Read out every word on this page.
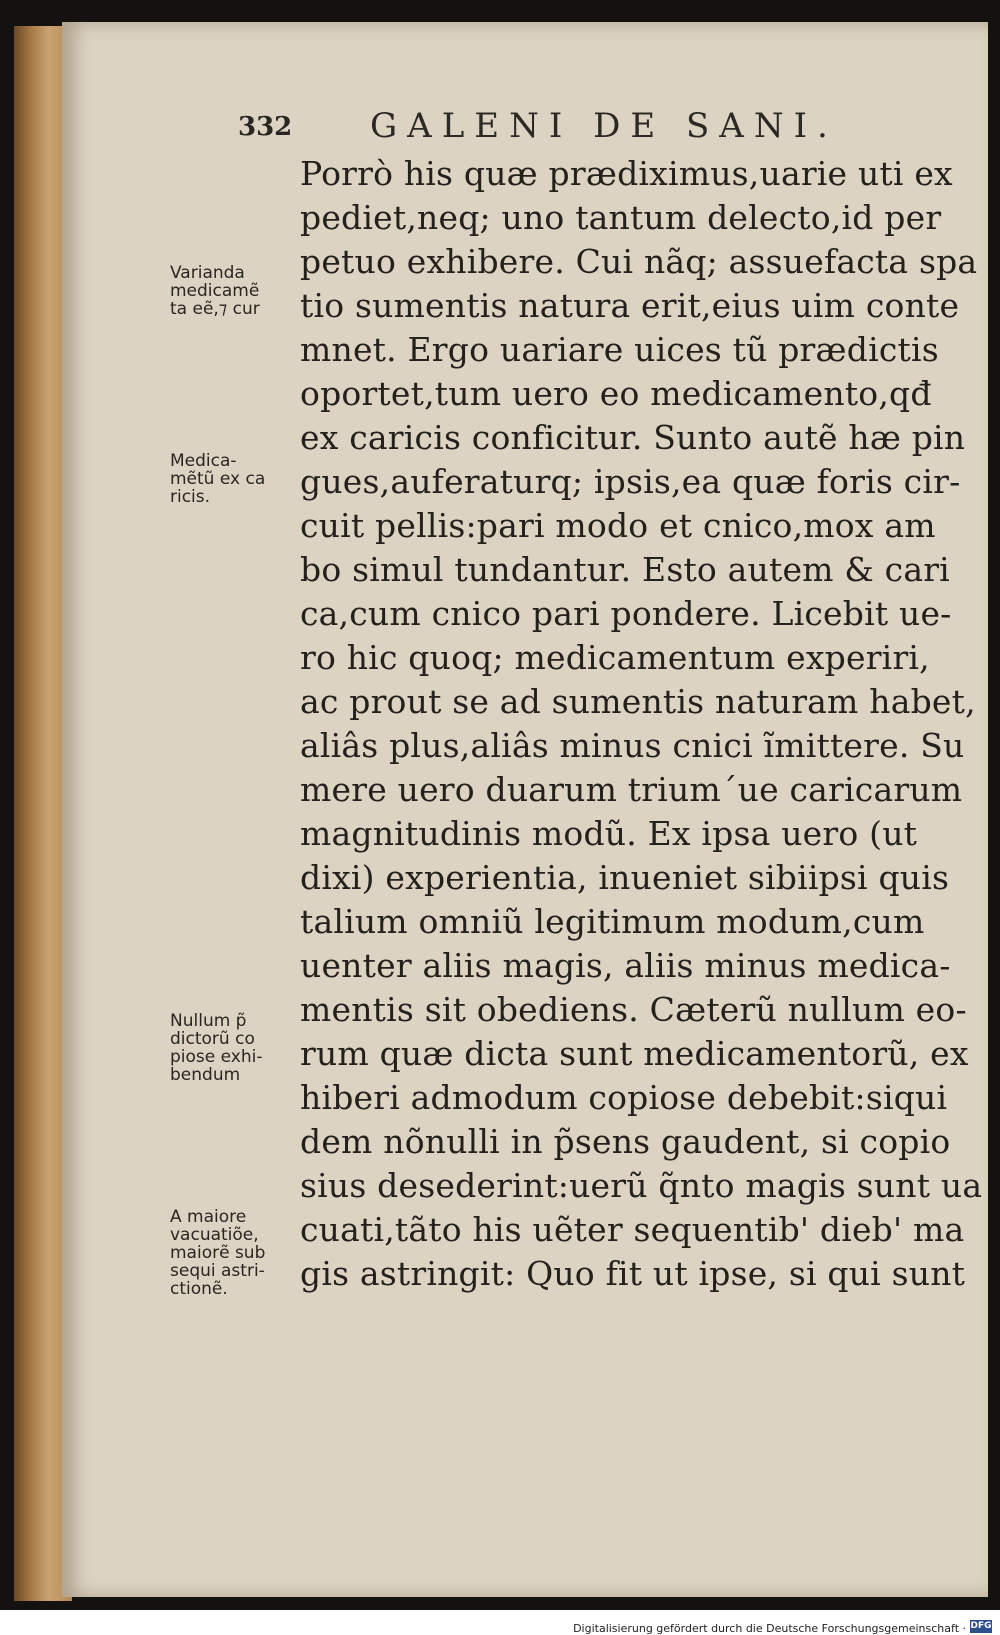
332 GALENI DE SANI.
Porrò his quæ prædiximus,uarie uti ex
pediet,neq; uno tantum delecto,id per
petuo exhibere. Cui nãq; assuefacta spa
tio sumentis natura erit,eius uim conte
mnet. Ergo uariare uices tũ prædictis
oportet,tum uero eo medicamento,qđ
ex caricis conficitur. Sunto autẽ hæ pin
gues,auferaturq; ipsis,ea quæ foris cir-
cuit pellis:pari modo et cnico,mox am
bo simul tundantur. Esto autem & cari
ca,cum cnico pari pondere. Licebit ue-
ro hic quoq; medicamentum experiri,
ac prout se ad sumentis naturam habet,
aliâs plus,aliâs minus cnici ĩmittere. Su
mere uero duarum trium´ue caricarum
magnitudinis modũ. Ex ipsa uero (ut
dixi) experientia, inueniet sibiipsi quis
talium omniũ legitimum modum,cum
uenter aliis magis, aliis minus medica-
mentis sit obediens. Cæterũ nullum eo-
rum quæ dicta sunt medicamentorũ, ex
hiberi admodum copiose debebit:siqui
dem nõnulli in p̃sens gaudent, si copio
sius desederint:uerũ q̃nto magis sunt ua
cuati,tãto his uẽter sequentib' dieb' ma
gis astringit: Quo fit ut ipse, si qui sunt
Varianda
medicamẽ
ta eẽ,⁊ cur
Medica-
mẽtũ ex ca
ricis.
Nullum p̃
dictorũ co
piose exhi-
bendum
A maiore
vacuatiõe,
maiorẽ sub
sequi astri-
ctionẽ.
Digitalisierung gefördert durch die Deutsche Forschungsgemeinschaft · DFG
